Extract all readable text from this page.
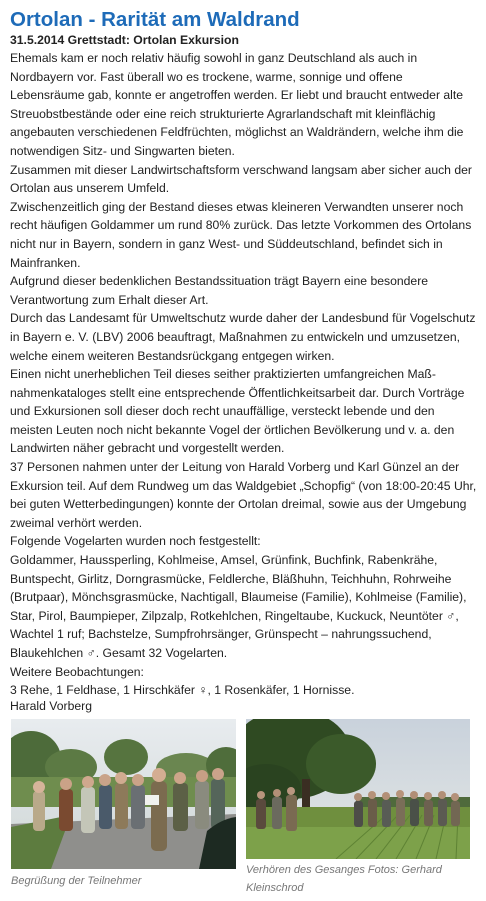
Ortolan - Rarität am Waldrand
31.5.2014 Grettstadt: Ortolan Exkursion

Ehemals kam er noch relativ häufig sowohl in ganz Deutschland als auch in Nordbayern vor. Fast überall wo es trockene, warme, sonnige und offene Lebensräume gab, konnte er angetroffen werden. Er liebt und braucht entweder alte Streuobstbestände oder eine reich strukturierte Agrarlandschaft mit kleinflächig angebauten verschiedenen Feldfrüchten, möglichst an Waldrändern, welche ihm die notwendigen Sitz- und Singwarten bieten.

Zusammen mit dieser Landwirtschaftsform verschwand langsam aber sicher auch der Ortolan aus unserem Umfeld.

Zwischenzeitlich ging der Bestand dieses etwas kleineren Verwandten unserer noch recht häufigen Goldammer um rund 80% zurück. Das letzte Vorkommen des Ortolans nicht nur in Bayern, sondern in ganz West- und Süddeutschland, befindet sich in Mainfranken.

Aufgrund dieser bedenklichen Bestandssituation trägt Bayern eine besondere Verantwortung zum Erhalt dieser Art.

Durch das Landesamt für Umweltschutz wurde daher der Landesbund für Vogelschutz in Bayern e. V. (LBV) 2006 beauftragt, Maßnahmen zu entwickeln und umzusetzen, welche einem weiteren Bestandsrückgang entgegen wirken.

Einen nicht unerheblichen Teil dieses seither praktizierten umfangreichen Maß-nahmenkataloges stellt eine entsprechende Öffentlichkeitsarbeit dar. Durch Vorträge und Exkursionen soll dieser doch recht unauffällige, versteckt lebende und den meisten Leuten noch nicht bekannte Vogel der örtlichen Bevölkerung und v. a. den Landwirten näher gebracht und vorgestellt werden.

37 Personen nahmen unter der Leitung von Harald Vorberg und Karl Günzel an der Exkursion teil. Auf dem Rundweg um das Waldgebiet „Schopfig“ (von 18:00-20:45 Uhr, bei guten Wetterbedingungen) konnte der Ortolan dreimal, sowie aus der Umgebung zweimal verhört werden.

Folgende Vogelarten wurden noch festgestellt:

Goldammer, Haussperling, Kohlmeise, Amsel, Grünfink, Buchfink, Rabenkrähe, Buntspecht, Girlitz, Dorngrasmücke, Feldlerche, Bläßhuhn, Teichhuhn, Rohrweihe (Brutpaar), Mönchsgrasmücke, Nachtigall, Blaumeise (Familie), Kohlmeise (Familie), Star, Pirol, Baumpieper, Zilpzalp, Rotkehlchen, Ringeltaube, Kuckuck, Neuntöter ♂, Wachtel 1 ruf; Bachstelze, Sumpfrohrsänger, Grünspecht – nahrungssuchend, Blaukehlchen ♂. Gesamt 32 Vogelarten.

Weitere Beobachtungen:

3 Rehe, 1 Feldhase, 1 Hirschkäfer ♀, 1 Rosenkäfer, 1 Hornisse.

Harald Vorberg
Begrüßung der Teilnehmer
Verhören des Gesanges Fotos: Gerhard Kleinschrod
